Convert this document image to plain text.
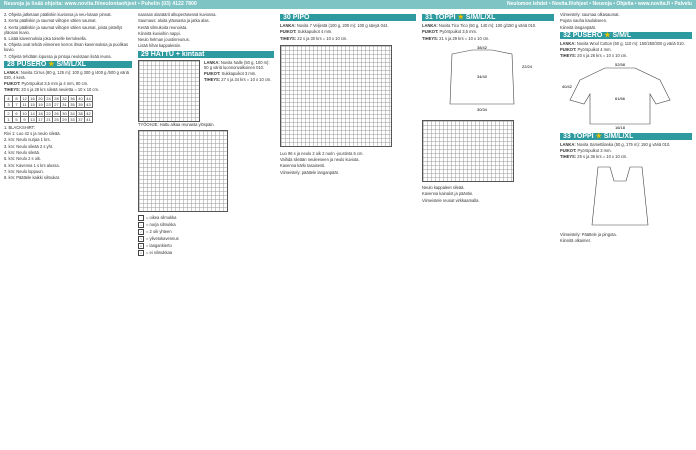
Neuvoja ja lisää ohjeita: www.novita.fi/neulontaohjeet • Puhelin (03) 4122 7800	Neulomon lehdet • Novita.fi/ohjeet • Neuvoja • Ohjeita • www.novita.fi • Palvelu

2. Ohjeita jatketaan pääliskin kuviossa ja neu-lotaan pinnat.

3. Kerta pääliskin ja saumat viiltojen välien saumat.

4. Kerta pääliskin ja saumat viiltojen välien saumat, joista pistellyt yläosan kuvio.

5. Lisää kavennuksia joka toiselle kerroksella.

6. Ohjeita ovat tehdä viimeinen kerros ilman kavennuksia ja puolikas kuvio.

7. Ohjeita tehdään lopussa ja pintoja neulotaan lisää reuna.

28 PUSERO ★ S/M/L/XL

LANKA: Novita Cirrus (80 g, 125 m): 100 g 300 g /400 g /500 g väriä 020, 4 kerä.

PUIKOT: Pyöröpuikot 3,5 mm ja 4 mm, 80 cm.

TIHEYS: 20 s ja 28 krs sileää neuletta = 10 x 10 cm.

4	8	12	16	20	24	28	32	36	40	44
3	7	11	15	19	23	27	31	35	39	43
2	6	10	14	18	22	26	30	34	38	42
1	5	9	13	17	21	25	29	33	37	41

1. BLACKSHIRT:

Rivi 1: Luo 42 s ja neulo sileää.

2. krs: Neulo nurjaa 1 krs.

3. krs: Neulo sileää 2 s yht.

4. krs: Neulo sileää.

5. krs: Neulo 2 s oik.

6. krs: Kavenna 1 s krs alussa.

7. krs: Neulo loppuun.

8. krs: Päättele kaikki silmukat.

naaraan alanäärit alkuperäisessä kuviossa.

Saumaus: aloita yläosasta ja jatka alas.

Kerää silmukoita reunoista.

Kiinnitä kuvioihin nappi.

Neulo helman joustinreunus.

Lisää hihat kappaleisiin.

29 HATTU + kintaat

LANKA: Novita Nalle (50 g, 100 m): 50 g väriä luonnonvalkoinen 010.

PUIKOT: Sukkapuikot 3 mm.

TIHEYS: 27 s ja 34 krs = 10 x 10 cm.

TYÖOHJE: Hattu alkaa reunasta ylöspäin.

= oikea silmukka
–	= nurja silmukka
/	= 2 oik yhteen
\	= ylivetokavennus
o	= langankierto
×	= ei silmukkaa
30 PIPO

LANKA: Novita 7 Veljestä (100 g, 200 m): 100 g sävyä 044.

PUIKOT: Sukkapuikot 4 mm.

TIHEYS: 22 s ja 30 krs = 10 x 10 cm.

Luo 96 s ja neulo 2 oik 2 nurin -joustinta 5 cm.

Vaihda sileään neuleeseen ja neulo kuviota.

Kavenna kärki tasaisesti.

Viimeistely: päättele langanpäät.

31 TOPPI ★ S/M/L/XL

LANKA: Novita Tico Tico (50 g, 140 m): 100 g/150 g väriä 010.

PUIKOT: Pyöröpuikot 3,5 mm.

TIHEYS: 21 s ja 29 krs = 10 x 10 cm.

38/42
34/40
22/24
30/34

Neulo kappaleet sileää.

Kavenna kainalot ja pääntie.

Viimeistele reunat virkkaamalla.

Viimeistely: saumaa olkasaumat.

Pujota nauha kaulukseen.

Kiinnitä langanpäät.

32 PUSERO ★ S/M/L

LANKA: Novita Wool Cotton (50 g, 110 m): 150/250/300 g väriä 010.

PUIKOT: Pyöröpuikot 4 mm.

TIHEYS: 20 s ja 26 krs = 10 x 10 cm.

52/58
61/66
40/42
16/18
33 TOPPI ★ S/M/L/XL

LANKA: Novita Samettilanka (50 g, 175 m): 150 g väriä 010.

PUIKOT: Pyöröpuikot 3 mm.

TIHEYS: 25 s ja 36 krs = 10 x 10 cm.

Viimeistely: Päättele ja pingota.

Kiinnitä olkaimet.
